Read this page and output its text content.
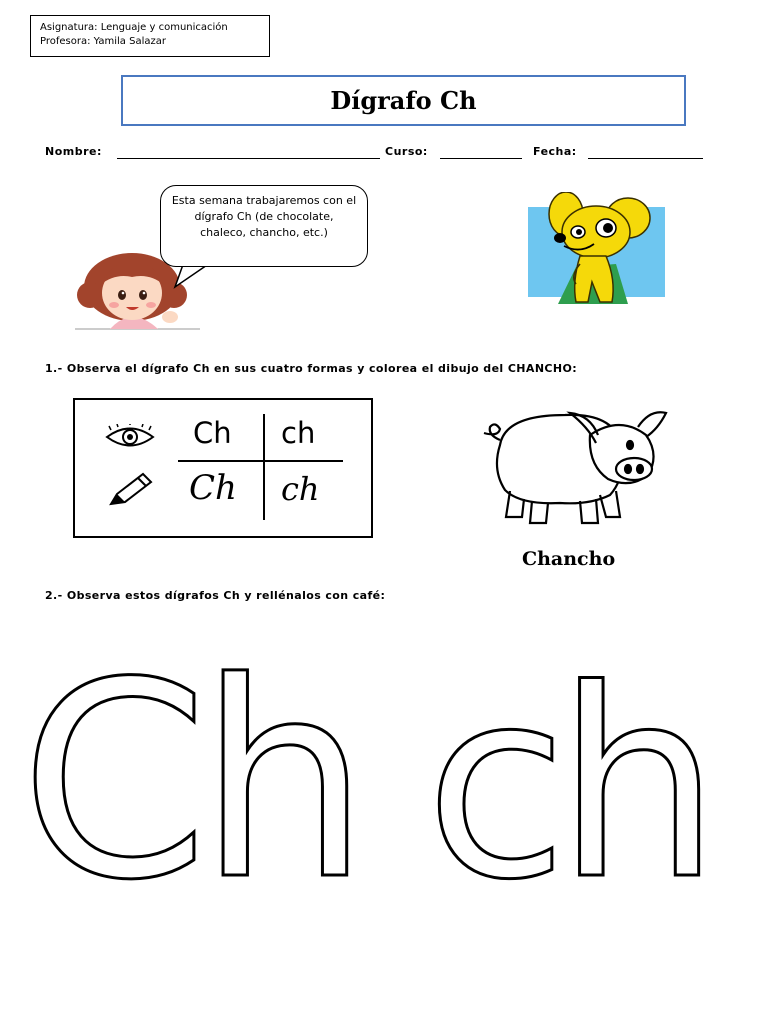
Asignatura: Lenguaje y comunicación
Profesora: Yamila Salazar
Dígrafo Ch
Nombre:	Curso:	Fecha:
Esta semana trabajaremos con el dígrafo Ch (de chocolate, chaleco, chancho, etc.)
1.- Observa el dígrafo Ch en sus cuatro formas y colorea el dibujo del CHANCHO:
Ch ch
Ch ch
Chancho
2.- Observa estos dígrafos Ch y rellénalos con café:
Ch ch
